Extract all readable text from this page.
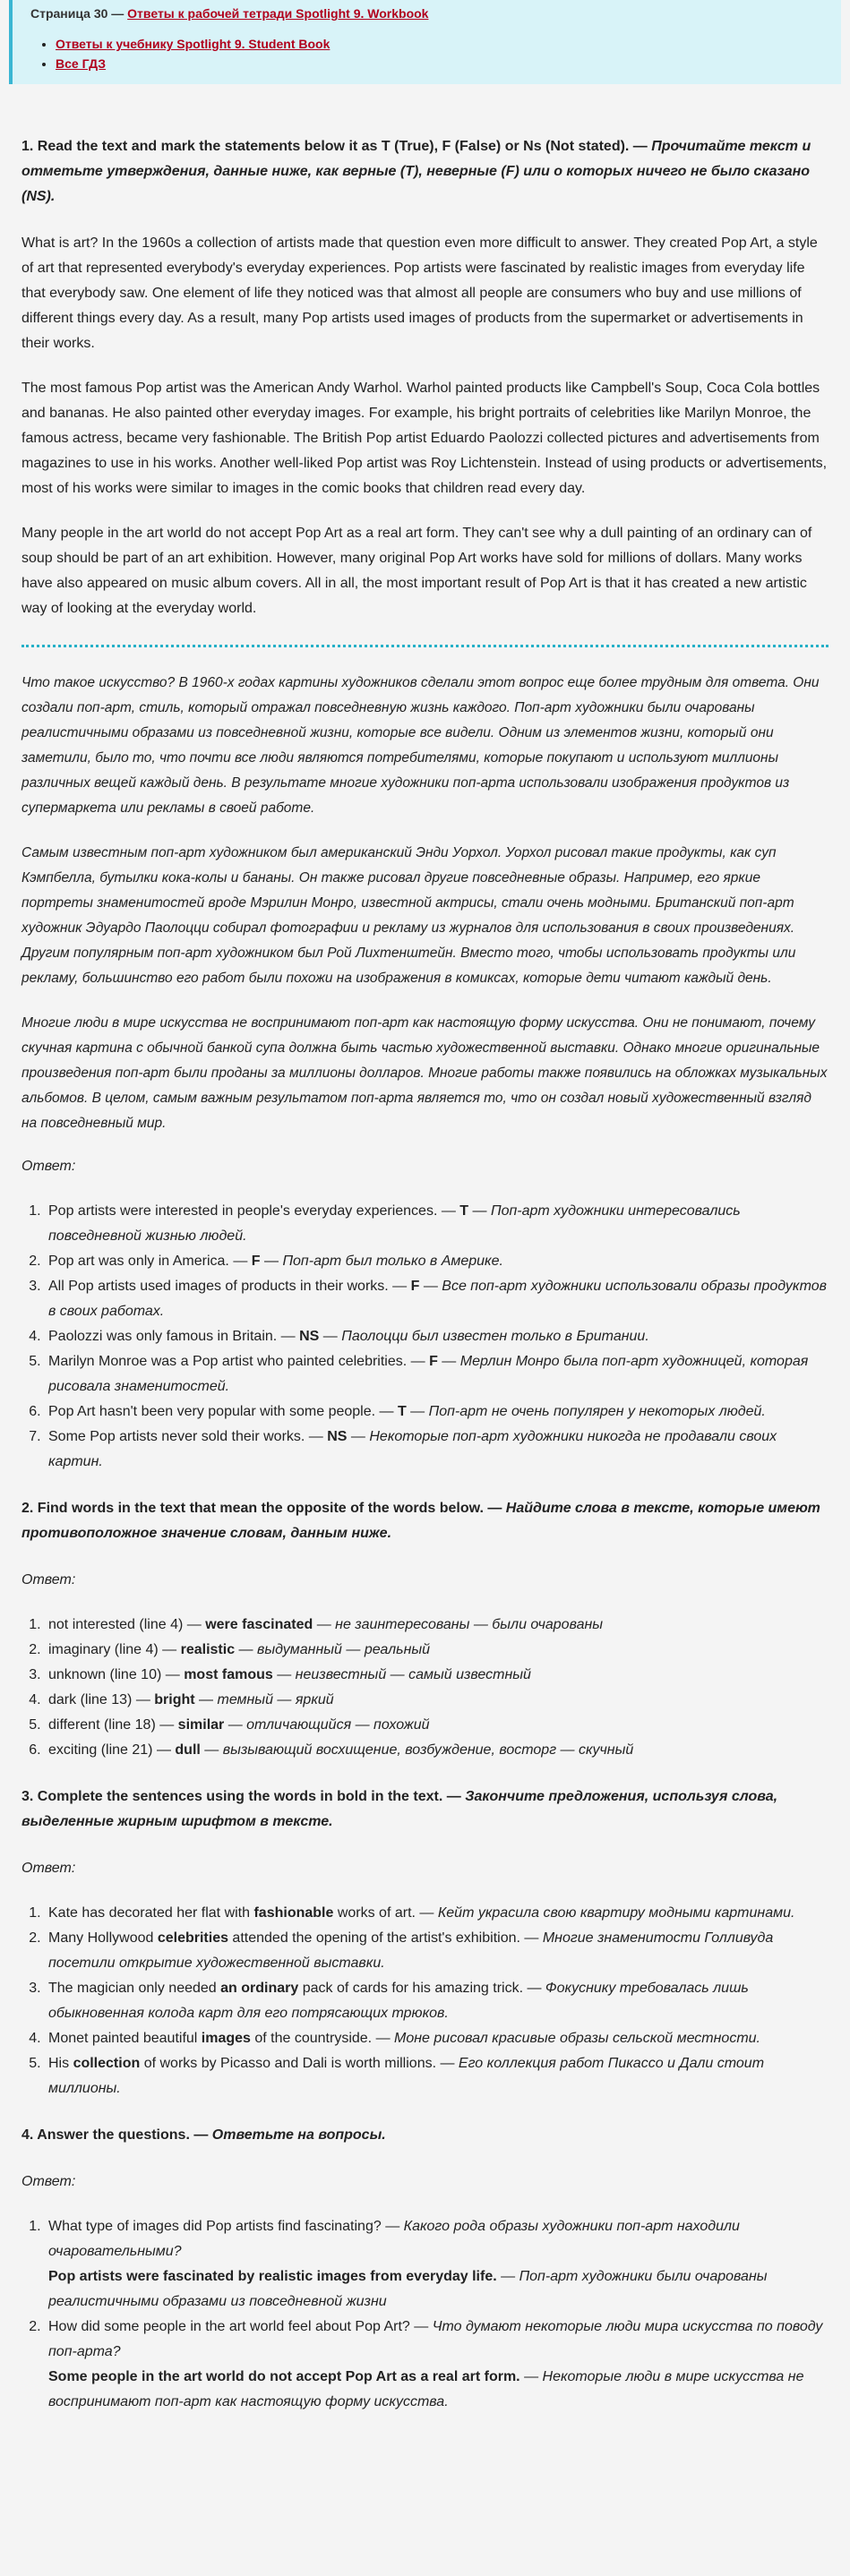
Страница 30 — Ответы к рабочей тетради Spotlight 9. Workbook
• Ответы к учебнику Spotlight 9. Student Book
• Все ГДЗ
1. Read the text and mark the statements below it as T (True), F (False) or Ns (Not stated). — Прочитайте текст и отметьте утверждения, данные ниже, как верные (T), неверные (F) или о которых ничего не было сказано (NS).

What is art? In the 1960s a collection of artists made that question even more difficult to answer. They created Pop Art, a style of art that represented everybody's everyday experiences. Pop artists were fascinated by realistic images from everyday life that everybody saw. One element of life they noticed was that almost all people are consumers who buy and use millions of different things every day. As a result, many Pop artists used images of products from the supermarket or advertisements in their works.

The most famous Pop artist was the American Andy Warhol. Warhol painted products like Campbell's Soup, Coca Cola bottles and bananas. He also painted other everyday images. For example, his bright portraits of celebrities like Marilyn Monroe, the famous actress, became very fashionable. The British Pop artist Eduardo Paolozzi collected pictures and advertisements from magazines to use in his works. Another well-liked Pop artist was Roy Lichtenstein. Instead of using products or advertisements, most of his works were similar to images in the comic books that children read every day.

Many people in the art world do not accept Pop Art as a real art form. They can't see why a dull painting of an ordinary can of soup should be part of an art exhibition. However, many original Pop Art works have sold for millions of dollars. Many works have also appeared on music album covers. All in all, the most important result of Pop Art is that it has created a new artistic way of looking at the everyday world.

Что такое искусство? В 1960-х годах картины художников сделали этот вопрос еще более трудным для ответа. Они создали поп-арт, стиль, который отражал повседневную жизнь каждого. Поп-арт художники были очарованы реалистичными образами из повседневной жизни, которые все видели. Одним из элементов жизни, который они заметили, было то, что почти все люди являются потребителями, которые покупают и используют миллионы различных вещей каждый день. В результате многие художники поп-арта использовали изображения продуктов из супермаркета или рекламы в своей работе.

Самым известным поп-арт художником был американский Энди Уорхол. Уорхол рисовал такие продукты, как суп Кэмпбелла, бутылки кока-колы и бананы. Он также рисовал другие повседневные образы. Например, его яркие портреты знаменитостей вроде Мэрилин Монро, известной актрисы, стали очень модными. Британский поп-арт художник Эдуардо Паолоцци собирал фотографии и рекламу из журналов для использования в своих произведениях. Другим популярным поп-арт художником был Рой Лихтенштейн. Вместо того, чтобы использовать продукты или рекламу, большинство его работ были похожи на изображения в комиксах, которые дети читают каждый день.

Многие люди в мире искусства не воспринимают поп-арт как настоящую форму искусства. Они не понимают, почему скучная картина с обычной банкой супа должна быть частью художественной выставки. Однако многие оригинальные произведения поп-арт были проданы за миллионы долларов. Многие работы также появились на обложках музыкальных альбомов. В целом, самым важным результатом поп-арта является то, что он создал новый художественный взгляд на повседневный мир.

Ответ:

1. Pop artists were interested in people's everyday experiences. — T — Поп-арт художники интересовались повседневной жизнью людей.
2. Pop art was only in America. — F — Поп-арт был только в Америке.
3. All Pop artists used images of products in their works. — F — Все поп-арт художники использовали образы продуктов в своих работах.
4. Paolozzi was only famous in Britain. — NS — Паолоцци был известен только в Британии.
5. Marilyn Monroe was a Pop artist who painted celebrities. — F — Мерлин Монро была поп-арт художницей, которая рисовала знаменитостей.
6. Pop Art hasn't been very popular with some people. — T — Поп-арт не очень популярен у некоторых людей.
7. Some Pop artists never sold their works. — NS — Некоторые поп-арт художники никогда не продавали своих картин.
2. Find words in the text that mean the opposite of the words below. — Найдите слова в тексте, которые имеют противоположное значение словам, данным ниже.

Ответ:

1. not interested (line 4) — were fascinated — не заинтересованы — были очарованы
2. imaginary (line 4) — realistic — выдуманный — реальный
3. unknown (line 10) — most famous — неизвестный — самый известный
4. dark (line 13) — bright — темный — яркий
5. different (line 18) — similar — отличающийся — похожий
6. exciting (line 21) — dull — вызывающий восхищение, возбуждение, восторг — скучный
3. Complete the sentences using the words in bold in the text. — Закончите предложения, используя слова, выделенные жирным шрифтом в тексте.

Ответ:

1. Kate has decorated her flat with fashionable works of art. — Кейт украсила свою квартиру модными картинами.
2. Many Hollywood celebrities attended the opening of the artist's exhibition. — Многие знаменитости Голливуда посетили открытие художественной выставки.
3. The magician only needed an ordinary pack of cards for his amazing trick. — Фокуснику требовалась лишь обыкновенная колода карт для его потрясающих трюков.
4. Monet painted beautiful images of the countryside. — Моне рисовал красивые образы сельской местности.
5. His collection of works by Picasso and Dali is worth millions. — Его коллекция работ Пикассо и Дали стоит миллионы.
4. Answer the questions. — Ответьте на вопросы.

Ответ:

1. What type of images did Pop artists find fascinating? — Какого рода образы художники поп-арт находили очаровательными?
Pop artists were fascinated by realistic images from everyday life. — Поп-арт художники были очарованы реалистичными образами из повседневной жизни
2. How did some people in the art world feel about Pop Art? — Что думают некоторые люди мира искусства по поводу поп-арта?
Some people in the art world do not accept Pop Art as a real art form. — Некоторые люди в мире искусства не воспринимают поп-арт как настоящую форму искусства.
